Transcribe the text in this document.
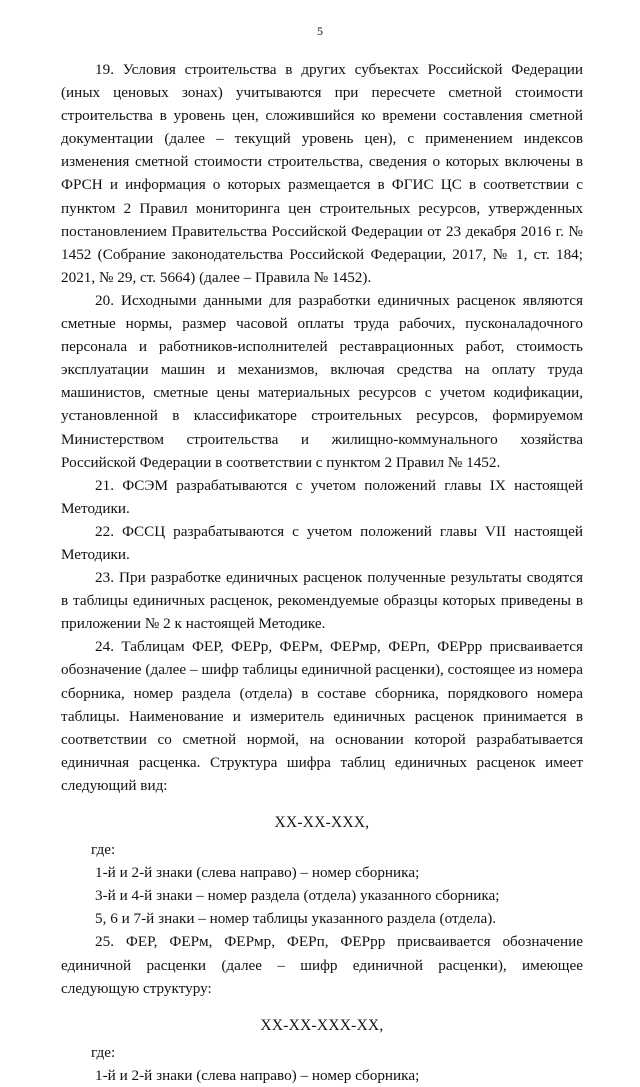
5

19. Условия строительства в других субъектах Российской Федерации (иных ценовых зонах) учитываются при пересчете сметной стоимости строительства в уровень цен, сложившийся ко времени составления сметной документации (далее – текущий уровень цен), с применением индексов изменения сметной стоимости строительства, сведения о которых включены в ФРСН и информация о которых размещается в ФГИС ЦС в соответствии с пунктом 2 Правил мониторинга цен строительных ресурсов, утвержденных постановлением Правительства Российской Федерации от 23 декабря 2016 г. № 1452 (Собрание законодательства Российской Федерации, 2017, № 1, ст. 184; 2021, № 29, ст. 5664) (далее – Правила № 1452).

20. Исходными данными для разработки единичных расценок являются сметные нормы, размер часовой оплаты труда рабочих, пусконаладочного персонала и работников-исполнителей реставрационных работ, стоимость эксплуатации машин и механизмов, включая средства на оплату труда машинистов, сметные цены материальных ресурсов с учетом кодификации, установленной в классификаторе строительных ресурсов, формируемом Министерством строительства и жилищно-коммунального хозяйства Российской Федерации в соответствии с пунктом 2 Правил № 1452.

21. ФСЭМ разрабатываются с учетом положений главы IX настоящей Методики.

22. ФССЦ разрабатываются с учетом положений главы VII настоящей Методики.

23. При разработке единичных расценок полученные результаты сводятся в таблицы единичных расценок, рекомендуемые образцы которых приведены в приложении № 2 к настоящей Методике.

24. Таблицам ФЕР, ФЕРр, ФЕРм, ФЕРмр, ФЕРп, ФЕРрр присваивается обозначение (далее – шифр таблицы единичной расценки), состоящее из номера сборника, номер раздела (отдела) в составе сборника, порядкового номера таблицы. Наименование и измеритель единичных расценок принимается в соответствии со сметной нормой, на основании которой разрабатывается единичная расценка. Структура шифра таблиц единичных расценок имеет следующий вид:

XX-XX-XXX,

где:

1-й и 2-й знаки (слева направо) – номер сборника;

3-й и 4-й знаки – номер раздела (отдела) указанного сборника;

5, 6 и 7-й знаки – номер таблицы указанного раздела (отдела).

25. ФЕР, ФЕРм, ФЕРмр, ФЕРп, ФЕРрр присваивается обозначение единичной расценки (далее – шифр единичной расценки), имеющее следующую структуру:

XX-XX-XXX-XX,

где:

1-й и 2-й знаки (слева направо) – номер сборника;
